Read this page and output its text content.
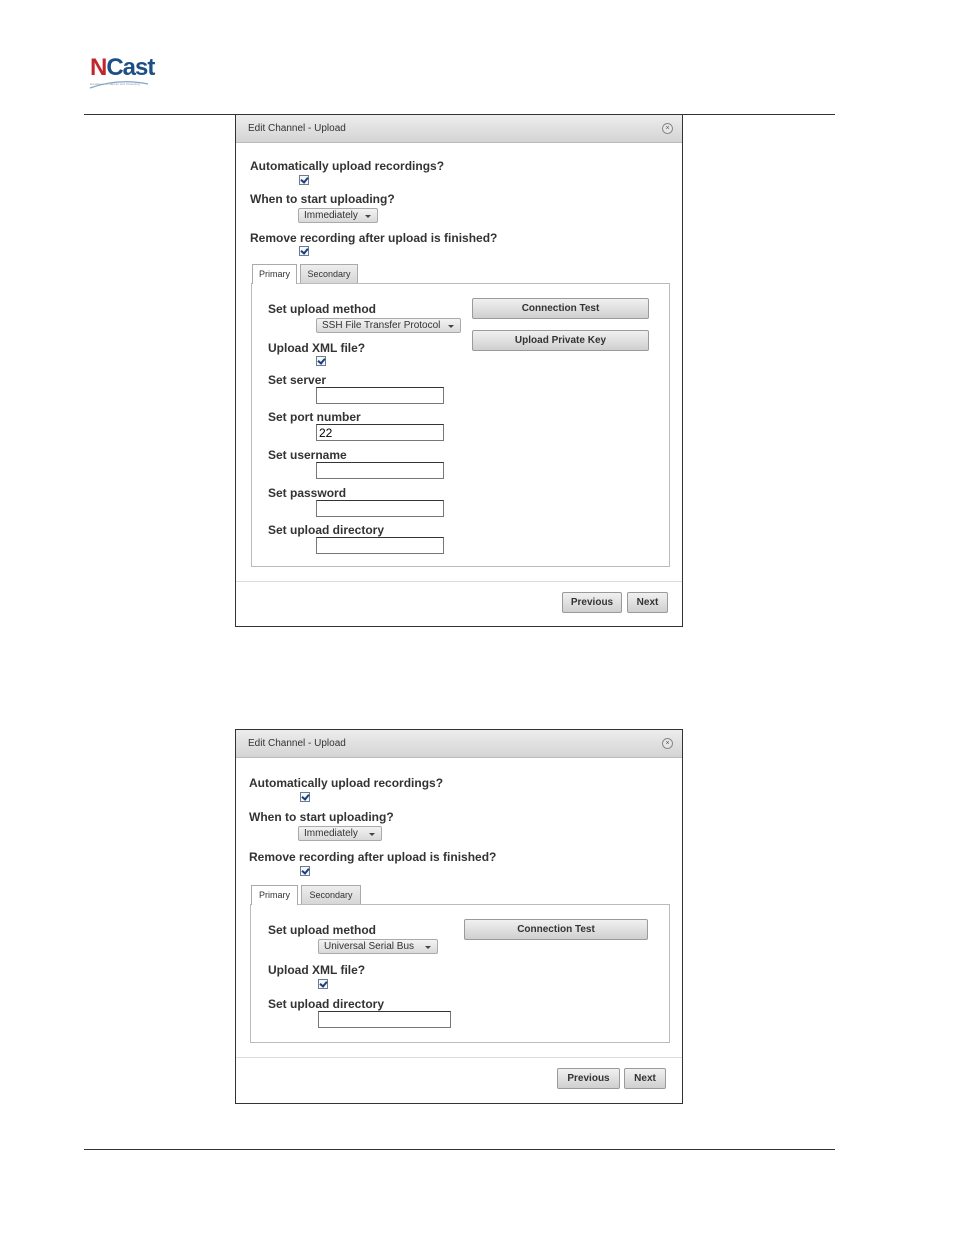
NCast
Excellence in Capture and Streaming
Edit Channel - Upload	×
Automatically upload recordings?
When to start uploading?
Immediately
Remove recording after upload is finished?
Primary	Secondary
Set upload method
SSH File Transfer Protocol
Connection Test
Upload Private Key
Upload XML file?
Set server
Set port number
22
Set username
Set password
Set upload directory
Previous	Next
Edit Channel - Upload	×
Automatically upload recordings?
When to start uploading?
Immediately
Remove recording after upload is finished?
Primary	Secondary
Set upload method
Universal Serial Bus
Connection Test
Upload XML file?
Set upload directory
Previous	Next
